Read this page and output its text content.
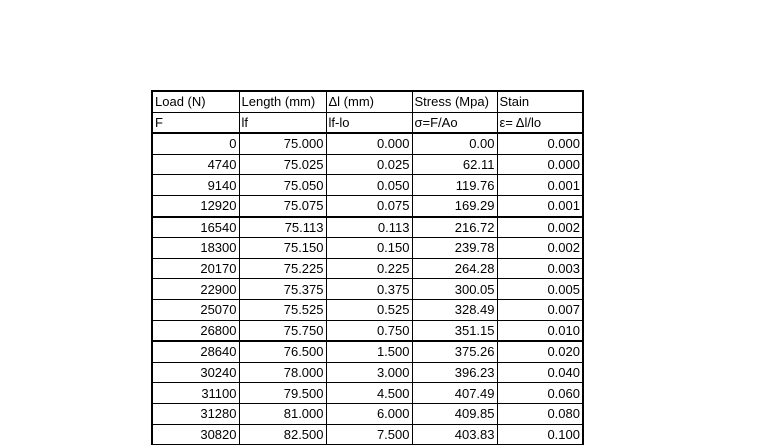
Load (N)	Length (mm)	Δl (mm)	Stress (Mpa)	Stain
F	lf	lf-lo	σ=F/Ao	ε= Δl/lo
0	75.000	0.000	0.00	0.000
4740	75.025	0.025	62.11	0.000
9140	75.050	0.050	119.76	0.001
12920	75.075	0.075	169.29	0.001
16540	75.113	0.113	216.72	0.002
18300	75.150	0.150	239.78	0.002
20170	75.225	0.225	264.28	0.003
22900	75.375	0.375	300.05	0.005
25070	75.525	0.525	328.49	0.007
26800	75.750	0.750	351.15	0.010
28640	76.500	1.500	375.26	0.020
30240	78.000	3.000	396.23	0.040
31100	79.500	4.500	407.49	0.060
31280	81.000	6.000	409.85	0.080
30820	82.500	7.500	403.83	0.100
